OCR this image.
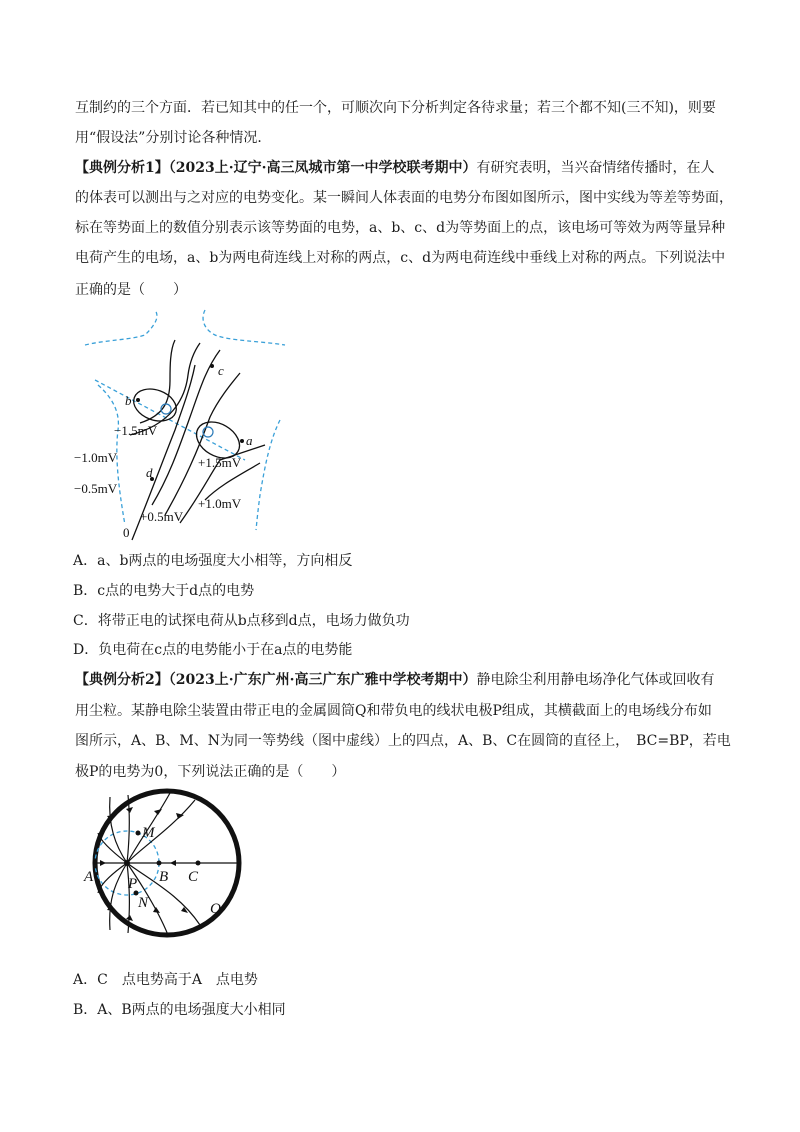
互制约的三个方面．若已知其中的任一个，可顺次向下分析判定各待求量；若三个都不知(三不知)，则要
用“假设法”分别讨论各种情况．
【典例分析1】（2023上·辽宁·高三凤城市第一中学校联考期中）有研究表明，当兴奋情绪传播时，在人
的体表可以测出与之对应的电势变化。某一瞬间人体表面的电势分布图如图所示，图中实线为等差等势面，
标在等势面上的数值分别表示该等势面的电势，a、b、c、d为等势面上的点，该电场可等效为两等量异种
电荷产生的电场，a、b为两电荷连线上对称的两点，c、d为两电荷连线中垂线上对称的两点。下列说法中
正确的是（　　）
c
b
a
d
−1.5mV
−1.0mV
−0.5mV
+1.5mV
+1.0mV
+0.5mV
0
A．a、b两点的电场强度大小相等，方向相反
B．c点的电势大于d点的电势
C．将带正电的试探电荷从b点移到d点，电场力做负功
D．负电荷在c点的电势能小于在a点的电势能
【典例分析2】（2023上·广东广州·高三广东广雅中学校考期中）静电除尘利用静电场净化气体或回收有
用尘粒。某静电除尘装置由带正电的金属圆筒Q和带负电的线状电极P组成，其横截面上的电场线分布如
图所示，A、B、M、N为同一等势线（图中虚线）上的四点，A、B、C在圆筒的直径上，　BC=BP，若电
极P的电势为0，下列说法正确的是（　　）
M
A P B C
N	Q
A．C　点电势高于A　点电势
B．A、B两点的电场强度大小相同
